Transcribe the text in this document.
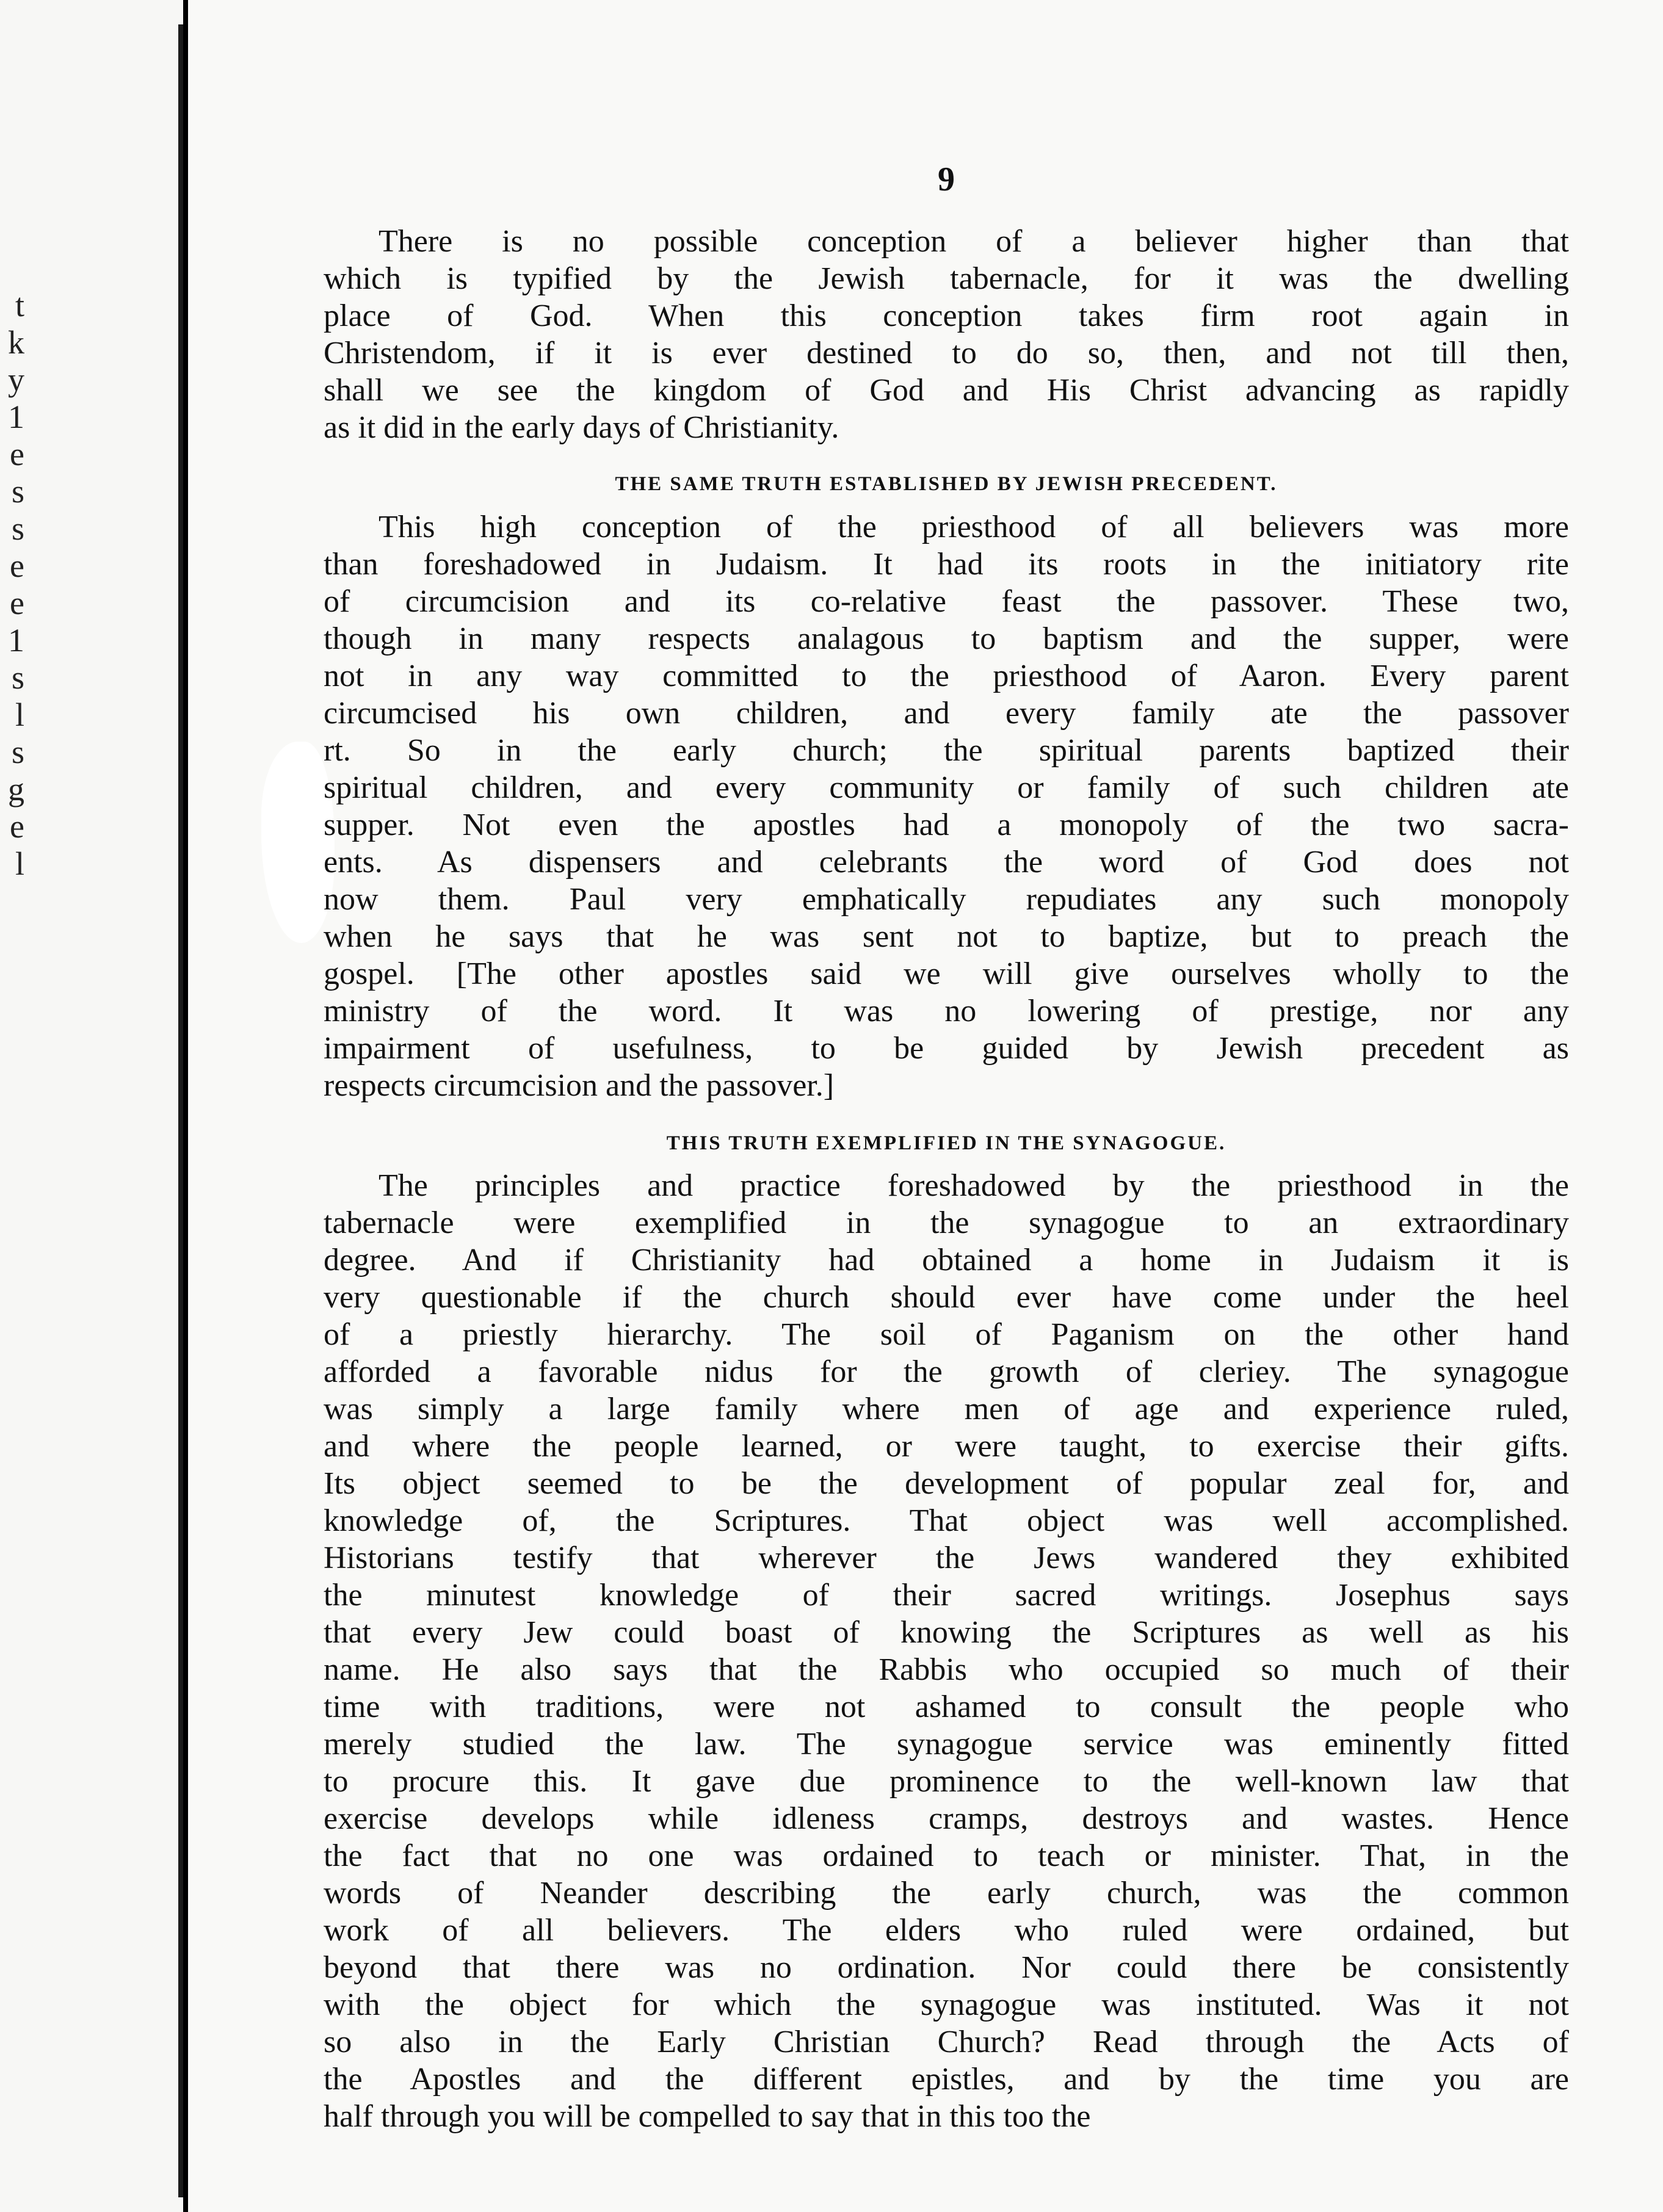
t
k
y
1
e
s
s
e
e
1
s
l
s
g
e
l
9
There is no possible conception of a believer higher than that
which is typified by the Jewish tabernacle, for it was the dwelling
place of God. When this conception takes firm root again in
Christendom, if it is ever destined to do so, then, and not till then,
shall we see the kingdom of God and His Christ advancing as rapidly
as it did in the early days of Christianity.
THE SAME TRUTH ESTABLISHED BY JEWISH PRECEDENT.
This high conception of the priesthood of all believers was more
than foreshadowed in Judaism. It had its roots in the initiatory rite
of circumcision and its co-relative feast the passover. These two,
though in many respects analagous to baptism and the supper, were
not in any way committed to the priesthood of Aaron. Every parent
circumcised his own children, and every family ate the passover
rt. So in the early church; the spiritual parents baptized their
spiritual children, and every community or family of such children ate
supper. Not even the apostles had a monopoly of the two sacra-
ents. As dispensers and celebrants the word of God does not
now them. Paul very emphatically repudiates any such monopoly
when he says that he was sent not to baptize, but to preach the
gospel. [The other apostles said we will give ourselves wholly to the
ministry of the word. It was no lowering of prestige, nor any
impairment of usefulness, to be guided by Jewish precedent as
respects circumcision and the passover.]
THIS TRUTH EXEMPLIFIED IN THE SYNAGOGUE.
The principles and practice foreshadowed by the priesthood in the
tabernacle were exemplified in the synagogue to an extraordinary
degree. And if Christianity had obtained a home in Judaism it is
very questionable if the church should ever have come under the heel
of a priestly hierarchy. The soil of Paganism on the other hand
afforded a favorable nidus for the growth of cleriey. The synagogue
was simply a large family where men of age and experience ruled,
and where the people learned, or were taught, to exercise their gifts.
Its object seemed to be the development of popular zeal for, and
knowledge of, the Scriptures. That object was well accomplished.
Historians testify that wherever the Jews wandered they exhibited
the minutest knowledge of their sacred writings. Josephus says
that every Jew could boast of knowing the Scriptures as well as his
name. He also says that the Rabbis who occupied so much of their
time with traditions, were not ashamed to consult the people who
merely studied the law. The synagogue service was eminently fitted
to procure this. It gave due prominence to the well-known law that
exercise develops while idleness cramps, destroys and wastes. Hence
the fact that no one was ordained to teach or minister. That, in the
words of Neander describing the early church, was the common
work of all believers. The elders who ruled were ordained, but
beyond that there was no ordination. Nor could there be consistently
with the object for which the synagogue was instituted. Was it not
so also in the Early Christian Church? Read through the Acts of
the Apostles and the different epistles, and by the time you are
half through you will be compelled to say that in this too the
